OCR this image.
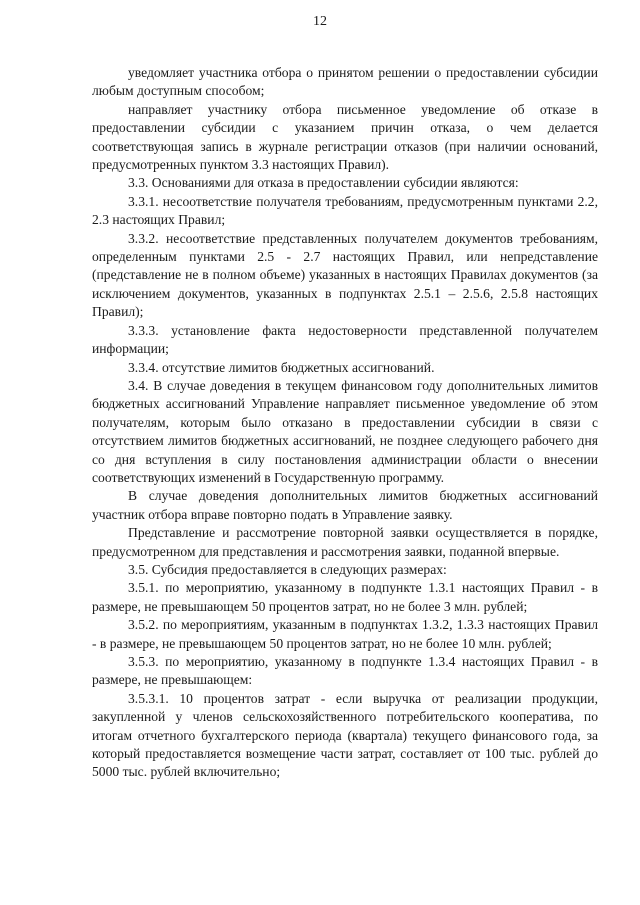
12

уведомляет участника отбора о принятом решении о предоставлении субсидии любым доступным способом;

направляет участнику отбора письменное уведомление об отказе в предоставлении субсидии с указанием причин отказа, о чем делается соответствующая запись в журнале регистрации отказов (при наличии оснований, предусмотренных пунктом 3.3 настоящих Правил).

3.3. Основаниями для отказа в предоставлении субсидии являются:

3.3.1. несоответствие получателя требованиям, предусмотренным пунктами 2.2, 2.3 настоящих Правил;

3.3.2. несоответствие представленных получателем документов требованиям, определенным пунктами 2.5 - 2.7 настоящих Правил, или непредставление (представление не в полном объеме) указанных в настоящих Правилах документов (за исключением документов, указанных в подпунктах 2.5.1 – 2.5.6, 2.5.8 настоящих Правил);

3.3.3. установление факта недостоверности представленной получателем информации;

3.3.4. отсутствие лимитов бюджетных ассигнований.

3.4. В случае доведения в текущем финансовом году дополнительных лимитов бюджетных ассигнований Управление направляет письменное уведомление об этом получателям, которым было отказано в предоставлении субсидии в связи с отсутствием лимитов бюджетных ассигнований, не позднее следующего рабочего дня со дня вступления в силу постановления администрации области о внесении соответствующих изменений в Государственную программу.

В случае доведения дополнительных лимитов бюджетных ассигнований участник отбора вправе повторно подать в Управление заявку.

Представление и рассмотрение повторной заявки осуществляется в порядке, предусмотренном для представления и рассмотрения заявки, поданной впервые.

3.5. Субсидия предоставляется в следующих размерах:

3.5.1. по мероприятию, указанному в подпункте 1.3.1 настоящих Правил - в размере, не превышающем 50 процентов затрат, но не более 3 млн. рублей;

3.5.2. по мероприятиям, указанным в подпунктах 1.3.2, 1.3.3 настоящих Правил - в размере, не превышающем 50 процентов затрат, но не более 10 млн. рублей;

3.5.3. по мероприятию, указанному в подпункте 1.3.4 настоящих Правил - в размере, не превышающем:

3.5.3.1. 10 процентов затрат - если выручка от реализации продукции, закупленной у членов сельскохозяйственного потребительского кооператива, по итогам отчетного бухгалтерского периода (квартала) текущего финансового года, за который предоставляется возмещение части затрат, составляет от 100 тыс. рублей до 5000 тыс. рублей включительно;
